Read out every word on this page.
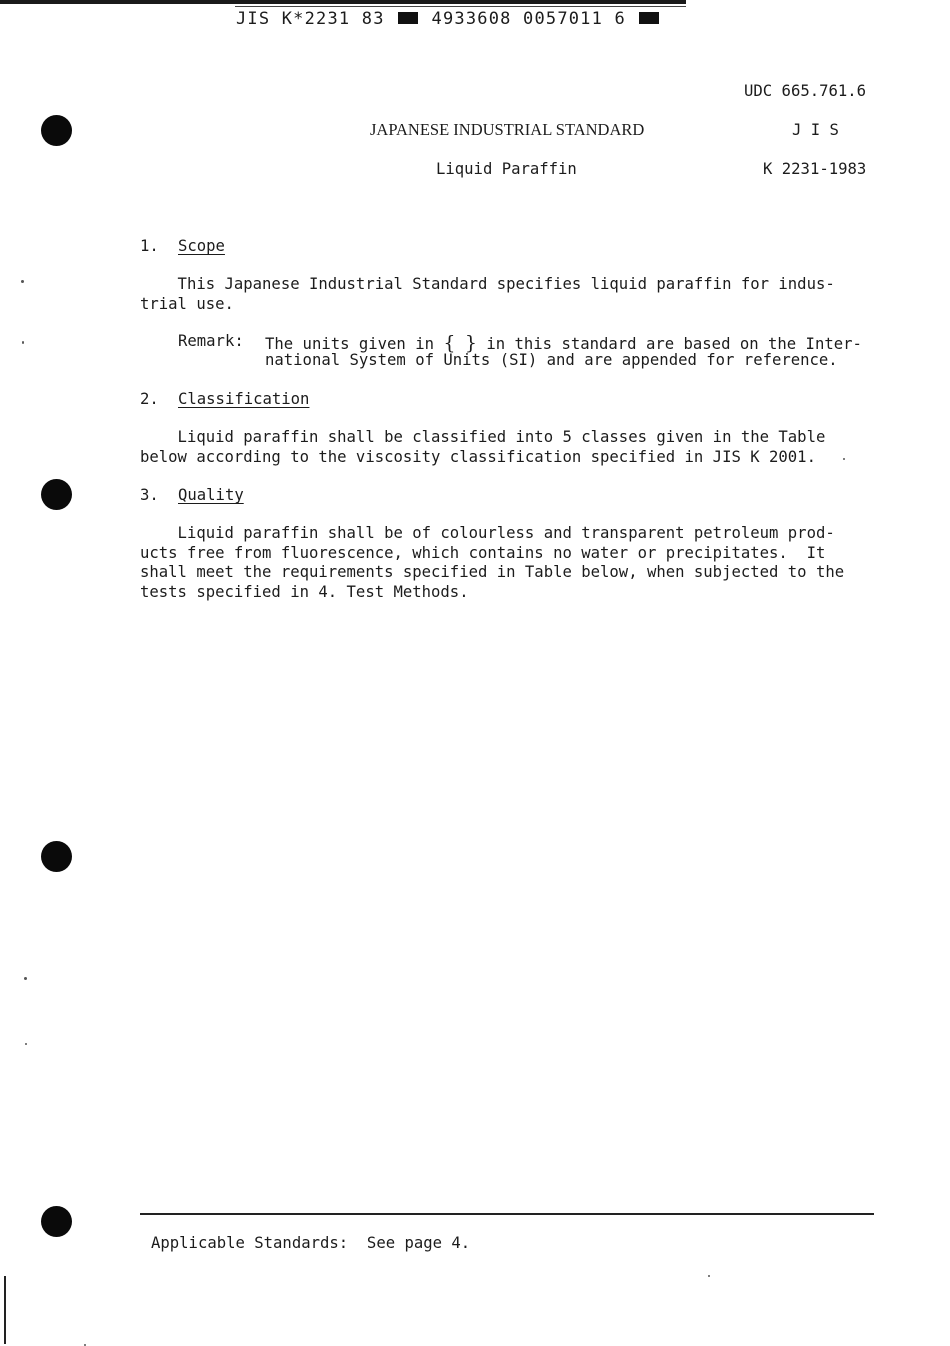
JIS K*2231 83	4933608 0057011 6
UDC 665.761.6
JAPANESE INDUSTRIAL STANDARD	J I S
Liquid Paraffin	K 2231-1983
1. Scope
This Japanese Industrial Standard specifies liquid paraffin for indus-
trial use.
Remark: The units given in { } in this standard are based on the Inter-
national System of Units (SI) and are appended for reference.
2. Classification
Liquid paraffin shall be classified into 5 classes given in the Table
below according to the viscosity classification specified in JIS K 2001.
3. Quality
Liquid paraffin shall be of colourless and transparent petroleum prod-
ucts free from fluorescence, which contains no water or precipitates.  It
shall meet the requirements specified in Table below, when subjected to the
tests specified in 4. Test Methods.
Applicable Standards:  See page 4.
